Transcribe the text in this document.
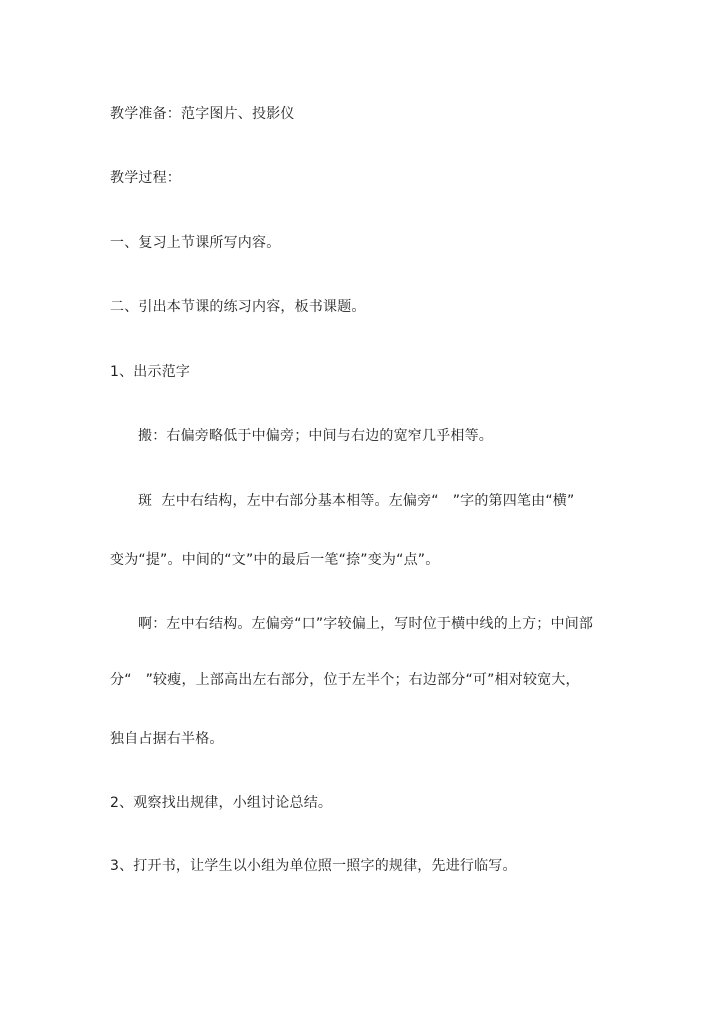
教学准备：范字图片、投影仪
教学过程：
一、复习上节课所写内容。
二、引出本节课的练习内容，板书课题。
1、出示范字
搬：右偏旁略低于中偏旁；中间与右边的宽窄几乎相等。
斑  左中右结构，左中右部分基本相等。左偏旁“   ”字的第四笔由“横”
变为“提”。中间的“文”中的最后一笔“捺”变为“点”。
啊：左中右结构。左偏旁“口”字较偏上，写时位于横中线的上方；中间部
分“   ”较瘦，上部高出左右部分，位于左半个；右边部分“可”相对较宽大，
独自占据右半格。
2、观察找出规律，小组讨论总结。
3、打开书，让学生以小组为单位照一照字的规律，先进行临写。
